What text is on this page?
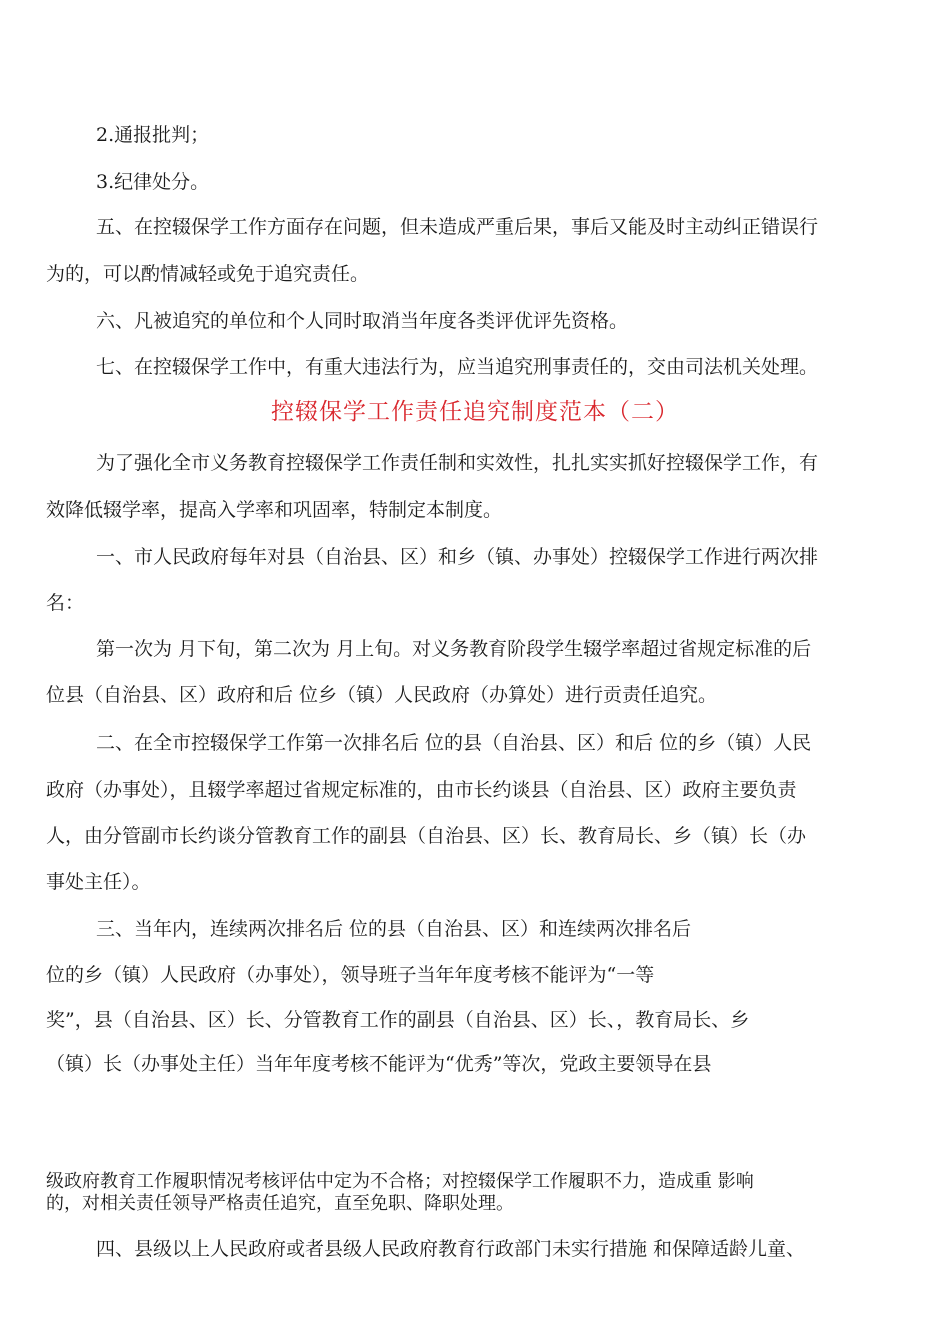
2.通报批判；
3.纪律处分。
五、在控辍保学工作方面存在问题，但未造成严重后果，事后又能及时主动纠正错误行
为的，可以酌情减轻或免于追究责任。
六、凡被追究的单位和个人同时取消当年度各类评优评先资格。
七、在控辍保学工作中，有重大违法行为，应当追究刑事责任的，交由司法机关处理。
控辍保学工作责任追究制度范本（二）
为了强化全市义务教育控辍保学工作责任制和实效性，扎扎实实抓好控辍保学工作，有
效降低辍学率，提高入学率和巩固率，特制定本制度。
一、市人民政府每年对县（自治县、区）和乡（镇、办事处）控辍保学工作进行两次排
名：
第一次为 月下旬，第二次为 月上旬。对义务教育阶段学生辍学率超过省规定标准的后
位县（自治县、区）政府和后 位乡（镇）人民政府（办算处）进行贡责任追究。
二、在全市控辍保学工作第一次排名后 位的县（自治县、区）和后 位的乡（镇）人民
政府（办事处），且辍学率超过省规定标准的，由市长约谈县（自治县、区）政府主要负责
人，由分管副市长约谈分管教育工作的副县（自治县、区）长、教育局长、乡（镇）长（办
事处主任）。
三、当年内，连续两次排名后 位的县（自治县、区）和连续两次排名后
位的乡（镇）人民政府（办事处），领导班子当年年度考核不能评为“一等
奖”，县（自治县、区）长、分管教育工作的副县（自治县、区）长、，教育局长、乡
（镇）长（办事处主任）当年年度考核不能评为“优秀”等次，党政主要领导在县
级政府教育工作履职情况考核评估中定为不合格；对控辍保学工作履职不力，造成重 影响
的，对相关责任领导严格责任追究，直至免职、降职处理。
四、县级以上人民政府或者县级人民政府教育行政部门未实行措施 和保障适龄儿童、
